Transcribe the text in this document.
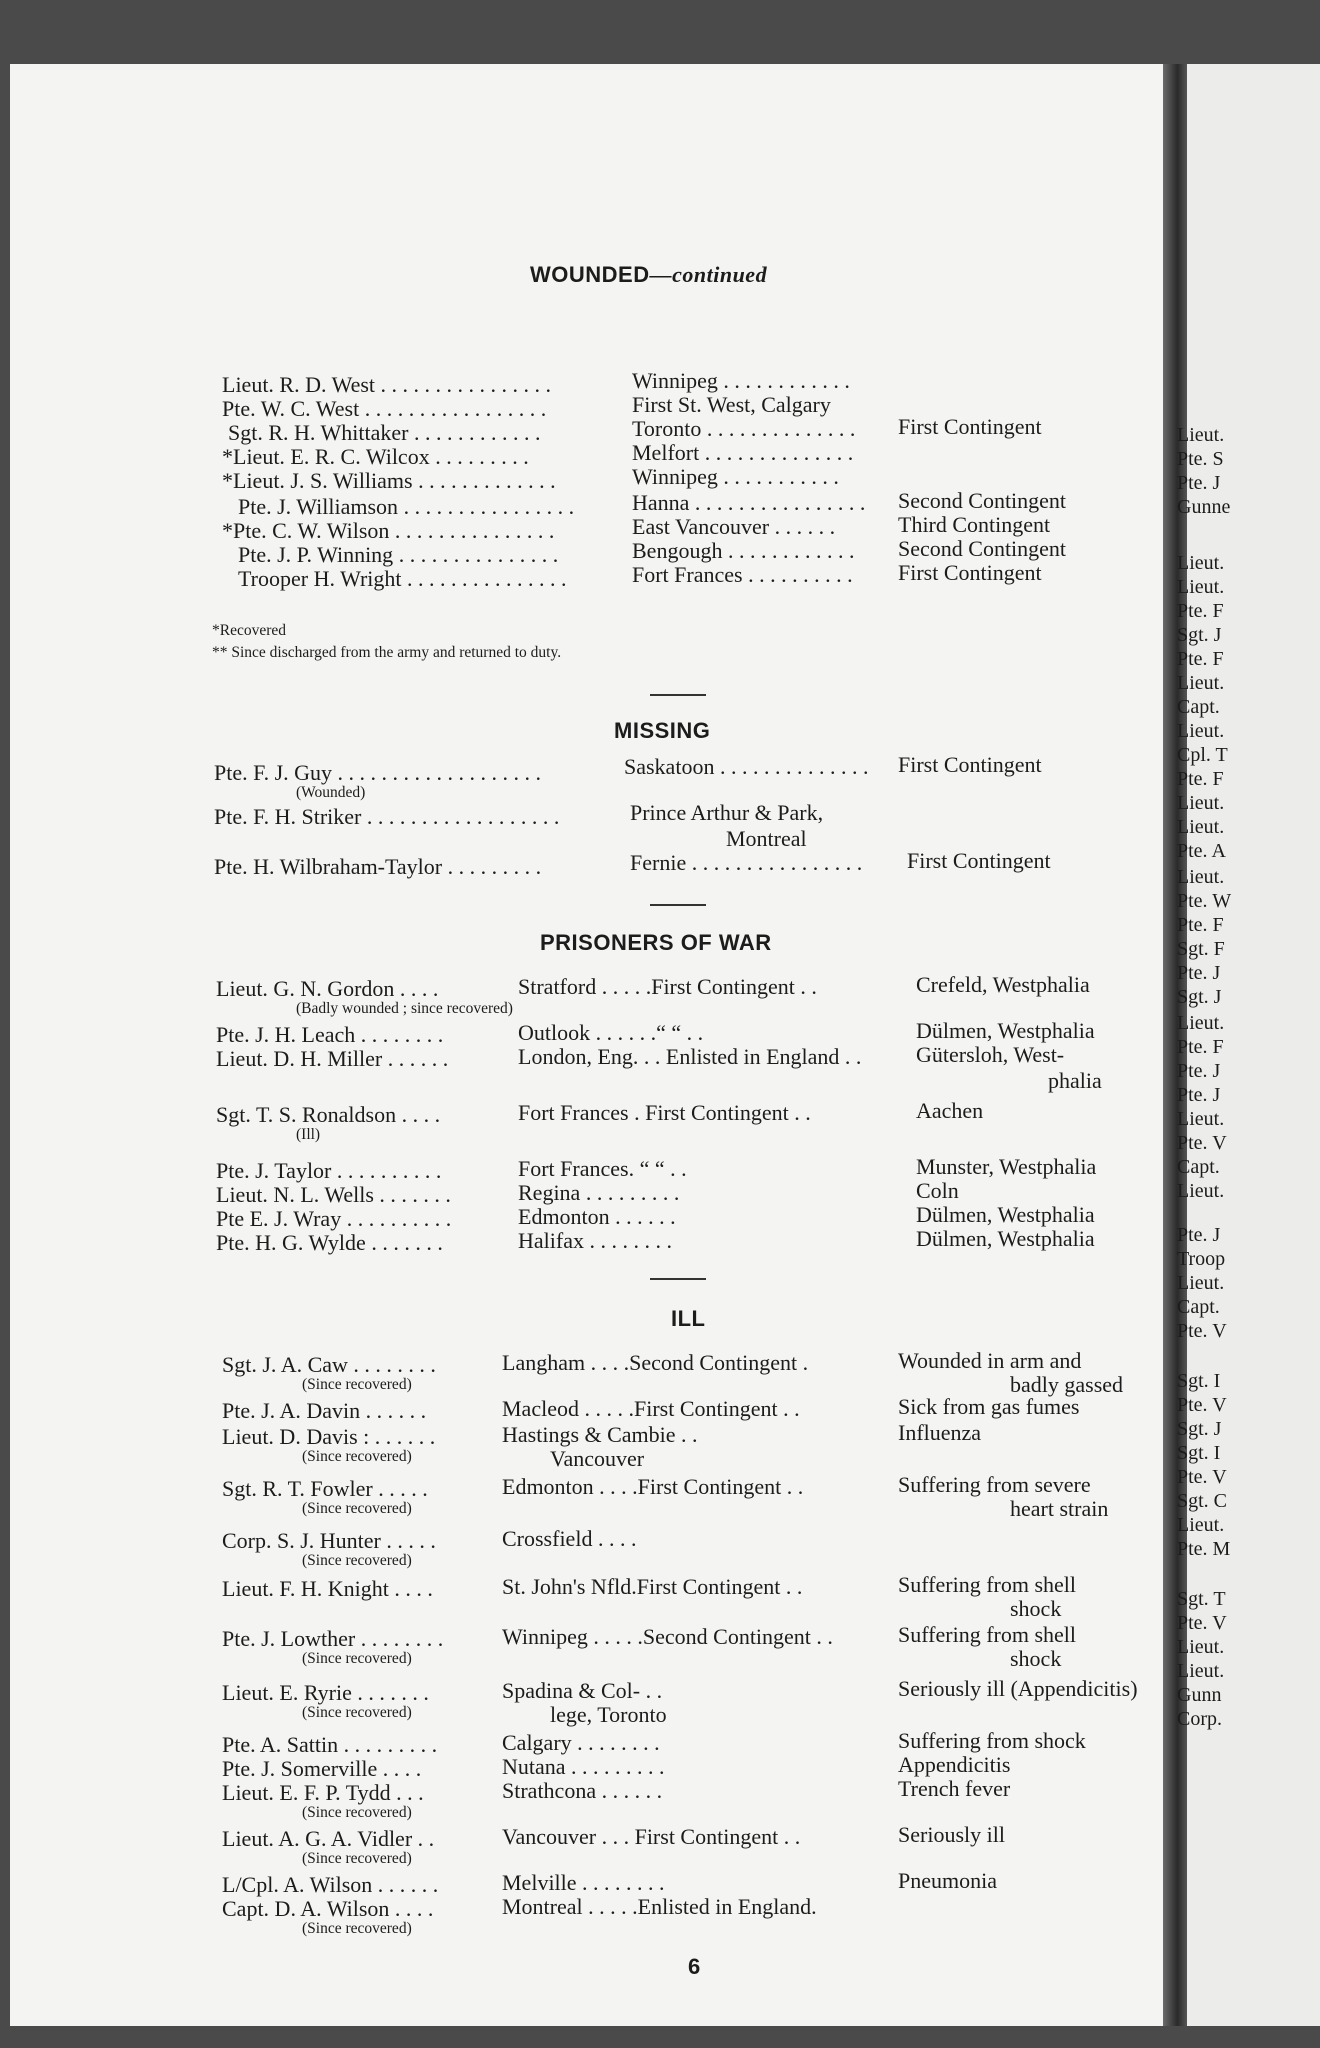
WOUNDED—continued
Lieut. R. D. West . . . . . . . . . . . . . . . .	Winnipeg . . . . . . . . . . . .
Pte. W. C. West . . . . . . . . . . . . . . . . .	First St. West, Calgary
Sgt. R. H. Whittaker . . . . . . . . . . . .	Toronto . . . . . . . . . . . . . . First Contingent
*Lieut. E. R. C. Wilcox . . . . . . . . .	Melfort . . . . . . . . . . . . . .
*Lieut. J. S. Williams . . . . . . . . . . . . .	Winnipeg . . . . . . . . . . .
Pte. J. Williamson . . . . . . . . . . . . . . . .	Hanna . . . . . . . . . . . . . . . . Second Contingent
*Pte. C. W. Wilson . . . . . . . . . . . . . . .	East Vancouver . . . . . .	Third Contingent
Pte. J. P. Winning . . . . . . . . . . . . . . .	Bengough . . . . . . . . . . . . Second Contingent
Trooper H. Wright . . . . . . . . . . . . . . .	Fort Frances . . . . . . . . . . First Contingent
*Recovered
** Since discharged from the army and returned to duty.
MISSING
Pte. F. J. Guy . . . . . . . . . . . . . . . . . . .	Saskatoon . . . . . . . . . . . . . . First Contingent
(Wounded)
Pte. F. H. Striker . . . . . . . . . . . . . . . . . .	Prince Arthur & Park,
Montreal
Pte. H. Wilbraham-Taylor . . . . . . . . .	Fernie . . . . . . . . . . . . . . . . First Contingent
PRISONERS OF WAR
Lieut. G. N. Gordon . . . .	Stratford . . . . .First Contingent . .	Crefeld, Westphalia
(Badly wounded ; since recovered)
Pte. J. H. Leach . . . . . . . .	Outlook . . . . . .“ “ . .	Dülmen, Westphalia
Lieut. D. H. Miller . . . . . .	London, Eng. . . Enlisted in England . . Gütersloh, West-
phalia
Sgt. T. S. Ronaldson . . . .	Fort Frances . First Contingent . .	Aachen
(Ill)
Pte. J. Taylor . . . . . . . . . .	Fort Frances. “ “ . .	Munster, Westphalia
Lieut. N. L. Wells . . . . . . .	Regina . . . . . . . . .	Coln
Pte E. J. Wray . . . . . . . . . .	Edmonton . . . . . .	Dülmen, Westphalia
Pte. H. G. Wylde . . . . . . .	Halifax . . . . . . . .	Dülmen, Westphalia
ILL
Sgt. J. A. Caw . . . . . . . .	Langham . . . .Second Contingent .	Wounded in arm and
badly gassed
(Since recovered)
Pte. J. A. Davin . . . . . .	Macleod . . . . .First Contingent . .	Sick from gas fumes
Lieut. D. Davis : . . . . . .	Hastings & Cambie . .	Influenza
Vancouver
(Since recovered)
Sgt. R. T. Fowler . . . . .	Edmonton . . . .First Contingent . .	Suffering from severe
heart strain
(Since recovered)
Corp. S. J. Hunter . . . . .	Crossfield . . . .
(Since recovered)
Lieut. F. H. Knight . . . .	St. John's Nfld.First Contingent . .	Suffering from shell
shock
Pte. J. Lowther . . . . . . . .	Winnipeg . . . . .Second Contingent . .	Suffering from shell
shock
(Since recovered)
Lieut. E. Ryrie . . . . . . .	Spadina & Col- . .	Seriously ill (Appendicitis)
lege, Toronto
(Since recovered)
Pte. A. Sattin . . . . . . . . .	Calgary . . . . . . . .	Suffering from shock
Pte. J. Somerville . . . .	Nutana . . . . . . . . .	Appendicitis
Lieut. E. F. P. Tydd . . .	Strathcona . . . . . .	Trench fever
(Since recovered)
Lieut. A. G. A. Vidler . .	Vancouver . . . First Contingent . .	Seriously ill
(Since recovered)
L/Cpl. A. Wilson . . . . . .	Melville . . . . . . . .	Pneumonia
Capt. D. A. Wilson . . . .	Montreal . . . . .Enlisted in England.
(Since recovered)
6
Lieut.
Pte. S
Pte. J
Gunne
Lieut.
Lieut.
Pte. F
Sgt. J
Pte. F
Lieut.
Capt.
Lieut.
Cpl. T
Pte. F
Lieut.
Lieut.
Pte. A
Lieut.
Pte. W
Pte. F
Sgt. F
Pte. J
Sgt. J
Lieut.
Pte. F
Pte. J
Pte. J
Lieut.
Pte. V
Capt.
Lieut.
Pte. J
Troop
Lieut.
Capt.
Pte. V
Sgt. I
Pte. V
Sgt. J
Sgt. I
Pte. V
Sgt. C
Lieut.
Pte. M
Sgt. T
Pte. V
Lieut.
Lieut.
Gunn
Corp.
